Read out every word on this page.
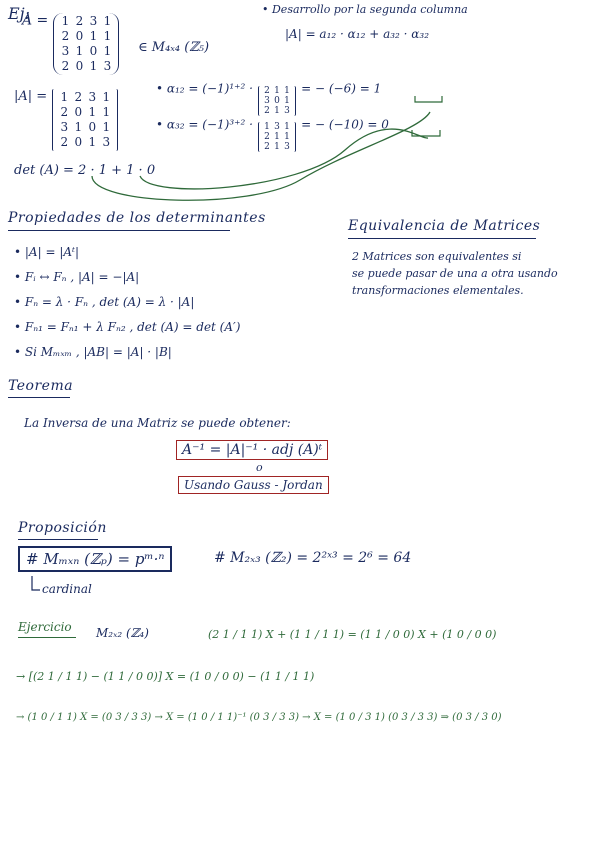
Ej:
A = 1 2 3 1
2 0 1 1
3 1 0 1
2 0 1 3
∈ M₄ₓ₄ (ℤ₅)
• Desarrollo por la segunda columna
|A| = a₁₂ · α₁₂ + a₃₂ · α₃₂
|A| = 1 2 3 1
2 0 1 1
3 1 0 1
2 0 1 3
• α₁₂ = (−1)¹⁺² · 2 1 1
3 0 1
2 1 3
= − (−6) = 1
• α₃₂ = (−1)³⁺² · 1 3 1
2 1 1
2 1 3
= − (−10) = 0
det (A) = 2 · 1 + 1 · 0
Propiedades de los determinantes
• |A| = |Aᵗ|
• Fᵢ ↔ Fₙ , |A| = −|A|
• Fₙ = λ · Fₙ , det (A) = λ · |A|
• Fₙ₁ = Fₙ₁ + λ Fₙ₂ , det (A) = det (A′)
• Si Mₘₓₘ , |AB| = |A| · |B|
Equivalencia de Matrices
2 Matrices son equivalentes si
se puede pasar de una a otra usando
transformaciones elementales.
Teorema
La Inversa de una Matriz se puede obtener:
A⁻¹ = |A|⁻¹ · adj (A)ᵗ
o
Usando Gauss - Jordan
Proposición
# Mₘₓₙ (ℤₚ) = pᵐ·ⁿ
cardinal
# M₂ₓ₃ (ℤ₂) = 2²ˣ³ = 2⁶ = 64
Ejercicio M₂ₓ₂ (ℤ₄)	(2 1 / 1 1) X + (1 1 / 1 1) = (1 1 / 0 0) X + (1 0 / 0 0)
→ [(2 1 / 1 1) − (1 1 / 0 0)] X = (1 0 / 0 0) − (1 1 / 1 1)
→ (1 0 / 1 1) X = (0 3 / 3 3) → X = (1 0 / 1 1)⁻¹ (0 3 / 3 3) → X = (1 0 / 3 1) (0 3 / 3 3) ⇒ (0 3 / 3 0)
